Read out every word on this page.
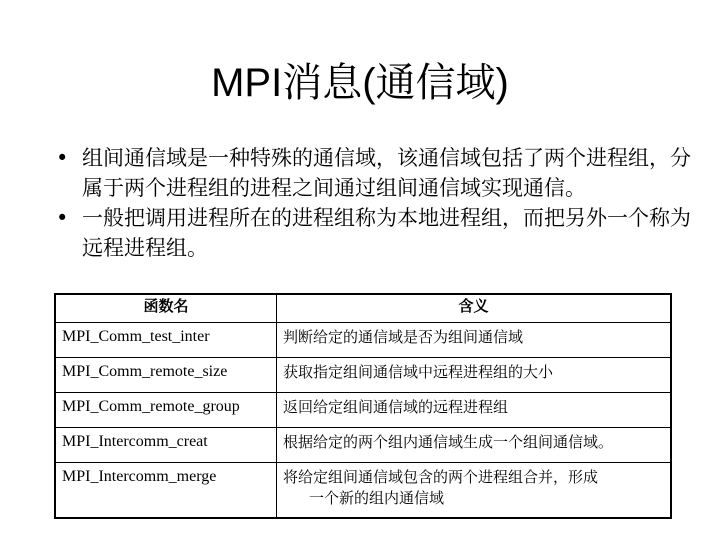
MPI消息(通信域)
• 组间通信域是一种特殊的通信域，该通信域包括了两个进程组，分属于两个进程组的进程之间通过组间通信域实现通信。
• 一般把调用进程所在的进程组称为本地进程组，而把另外一个称为远程进程组。
函数名	含义
MPI_Comm_test_inter	判断给定的通信域是否为组间通信域
MPI_Comm_remote_size	获取指定组间通信域中远程进程组的大小
MPI_Comm_remote_group	返回给定组间通信域的远程进程组
MPI_Intercomm_creat	根据给定的两个组内通信域生成一个组间通信域。
MPI_Intercomm_merge	将给定组间通信域包含的两个进程组合并，形成
一个新的组内通信域
